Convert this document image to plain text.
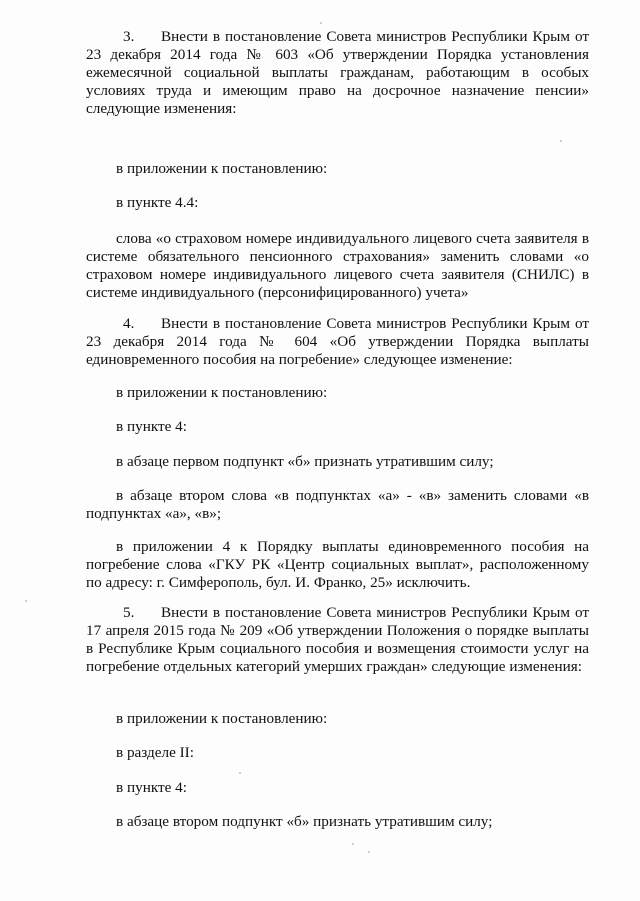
3. Внести в постановление Совета министров Республики Крым от 23 декабря 2014 года № 603 «Об утверждении Порядка установления ежемесячной социальной выплаты гражданам, работающим в особых условиях труда и имеющим право на досрочное назначение пенсии» следующие изменения:

в приложении к постановлению:

в пункте 4.4:

слова «о страховом номере индивидуального лицевого счета заявителя в системе обязательного пенсионного страхования» заменить словами «о страховом номере индивидуального лицевого счета заявителя (СНИЛС) в системе индивидуального (персонифицированного) учета»

4. Внести в постановление Совета министров Республики Крым от 23 декабря 2014 года № 604 «Об утверждении Порядка выплаты единовременного пособия на погребение» следующее изменение:

в приложении к постановлению:

в пункте 4:

в абзаце первом подпункт «б» признать утратившим силу;

в абзаце втором слова «в подпунктах «а» - «в» заменить словами «в подпунктах «а», «в»;

в приложении 4 к Порядку выплаты единовременного пособия на погребение слова «ГКУ РК «Центр социальных выплат», расположенному по адресу: г. Симферополь, бул. И. Франко, 25» исключить.

5. Внести в постановление Совета министров Республики Крым от 17 апреля 2015 года № 209 «Об утверждении Положения о порядке выплаты в Республике Крым социального пособия и возмещения стоимости услуг на погребение отдельных категорий умерших граждан» следующие изменения:

в приложении к постановлению:

в разделе II:

в пункте 4:

в абзаце втором подпункт «б» признать утратившим силу;
